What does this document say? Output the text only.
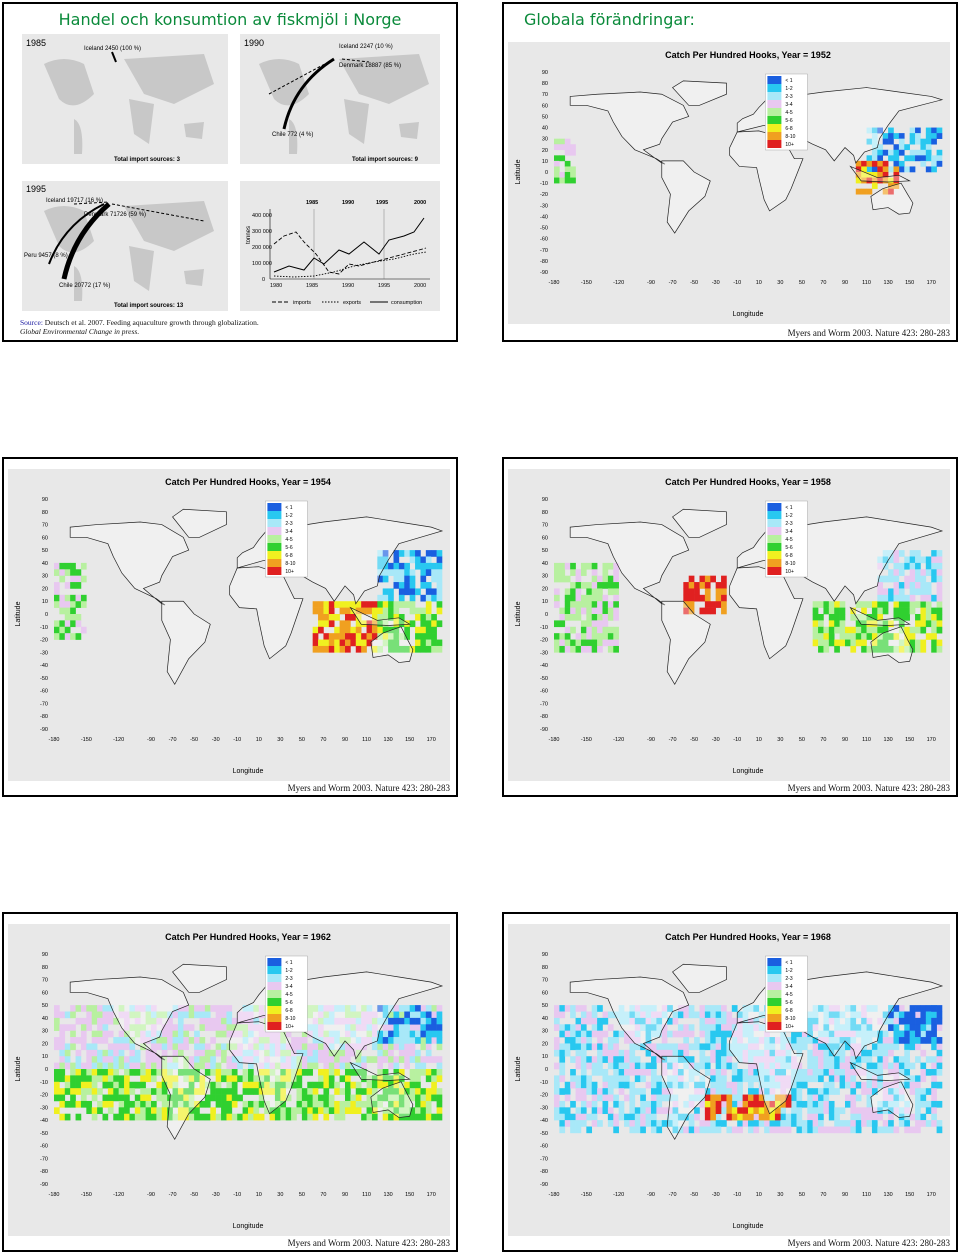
Handel och konsumtion av fiskmjöl i Norge
1985
Iceland 2450 (100 %)
Total import sources: 3
1990	Iceland 2247 (10 %)
Denmark 18887 (85 %)
Chile 772 (4 %)
Total import sources: 9
1995
Iceland 19717 (16 %)
Denmark 71726 (59 %)
Peru 9457 (8 %)
Chile 20772 (17 %)
Total import sources: 13
tonnes
400 000
300 000
200 000
100 000
0
1985	1990	1995	2000
1980	1985	1990	1995	2000
imports	exports	consumption
Source: Deutsch et al. 2007. Feeding aquaculture growth through globalization.
Global Environmental Change in press.
Globala förändringar:
Catch Per Hundred Hooks, Year = 1952
Latitude
Longitude
90
80
70
60
50
40
30
20
10
0
-10
-20
-30
-40
-50
-60
-70
-80
-90
-180	-150	-120	-90 -70 -50 -30 -10	10	30	50	70	90	110 130 150 170
< 1
1-2
2-3
3-4
4-5
5-6
6-8
8-10
10+
Myers and Worm 2003. Nature 423: 280-283
Catch Per Hundred Hooks, Year = 1954
Latitude
Longitude
90
80
70
60
50
40
30
20
10
0
-10
-20
-30
-40
-50
-60
-70
-80
-90
-180	-150	-120	-90 -70 -50 -30 -10	10	30	50	70	90	110 130 150 170
< 1
1-2
2-3
3-4
4-5
5-6
6-8
8-10
10+
Myers and Worm 2003. Nature 423: 280-283
Catch Per Hundred Hooks, Year = 1958
Latitude
Longitude
90
80
70
60
50
40
30
20
10
0
-10
-20
-30
-40
-50
-60
-70
-80
-90
-180	-150	-120	-90 -70 -50 -30 -10	10	30	50	70	90	110 130 150 170
< 1
1-2
2-3
3-4
4-5
5-6
6-8
8-10
10+
Myers and Worm 2003. Nature 423: 280-283
Catch Per Hundred Hooks, Year = 1962
Latitude
Longitude
90
80
70
60
50
40
30
20
10
0
-10
-20
-30
-40
-50
-60
-70
-80
-90
-180	-150	-120	-90 -70 -50 -30 -10	10	30	50	70	90	110 130 150 170
< 1
1-2
2-3
3-4
4-5
5-6
6-8
8-10
10+
Myers and Worm 2003. Nature 423: 280-283
Catch Per Hundred Hooks, Year = 1968
Latitude
Longitude
90
80
70
60
50
40
30
20
10
0
-10
-20
-30
-40
-50
-60
-70
-80
-90
-180	-150	-120	-90 -70 -50 -30 -10	10	30	50	70	90	110 130 150 170
< 1
1-2
2-3
3-4
4-5
5-6
6-8
8-10
10+
Myers and Worm 2003. Nature 423: 280-283
